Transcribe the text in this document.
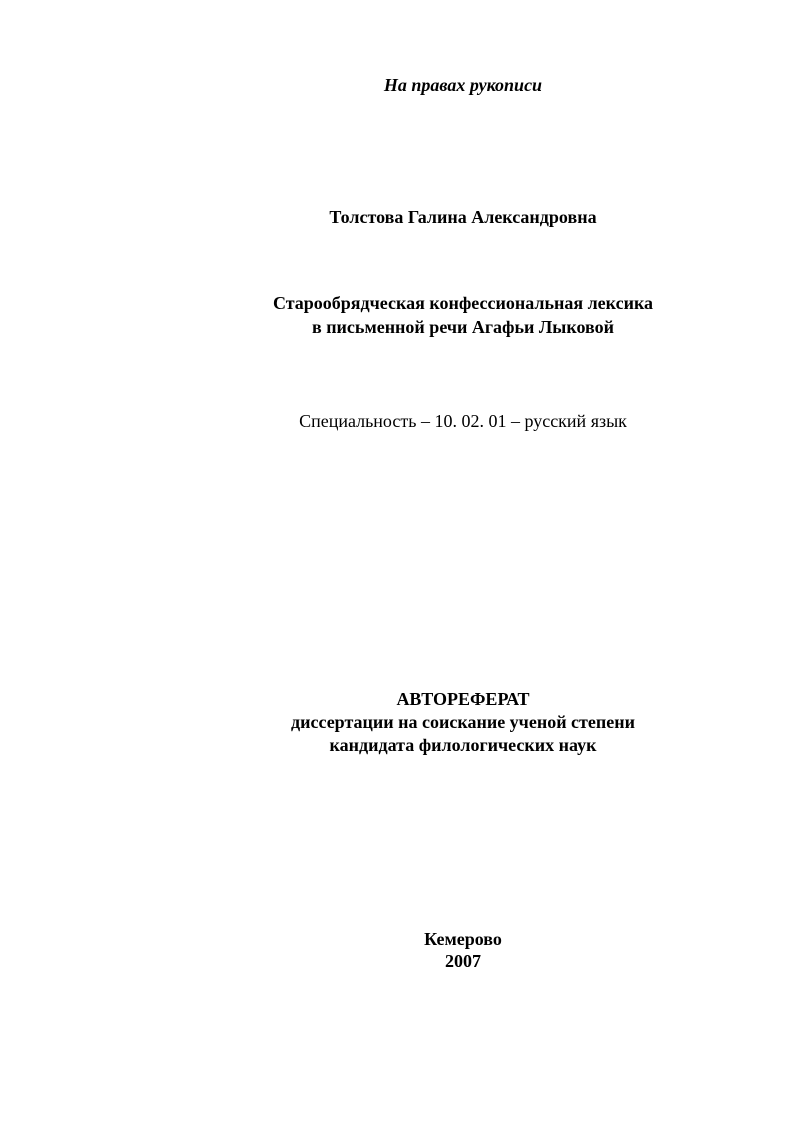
На правах рукописи
Толстова Галина Александровна
Старообрядческая конфессиональная лексика
в письменной речи Агафьи Лыковой
Специальность – 10. 02. 01 – русский язык
АВТОРЕФЕРАТ
диссертации на соискание ученой степени
кандидата филологических наук
Кемерово
2007
